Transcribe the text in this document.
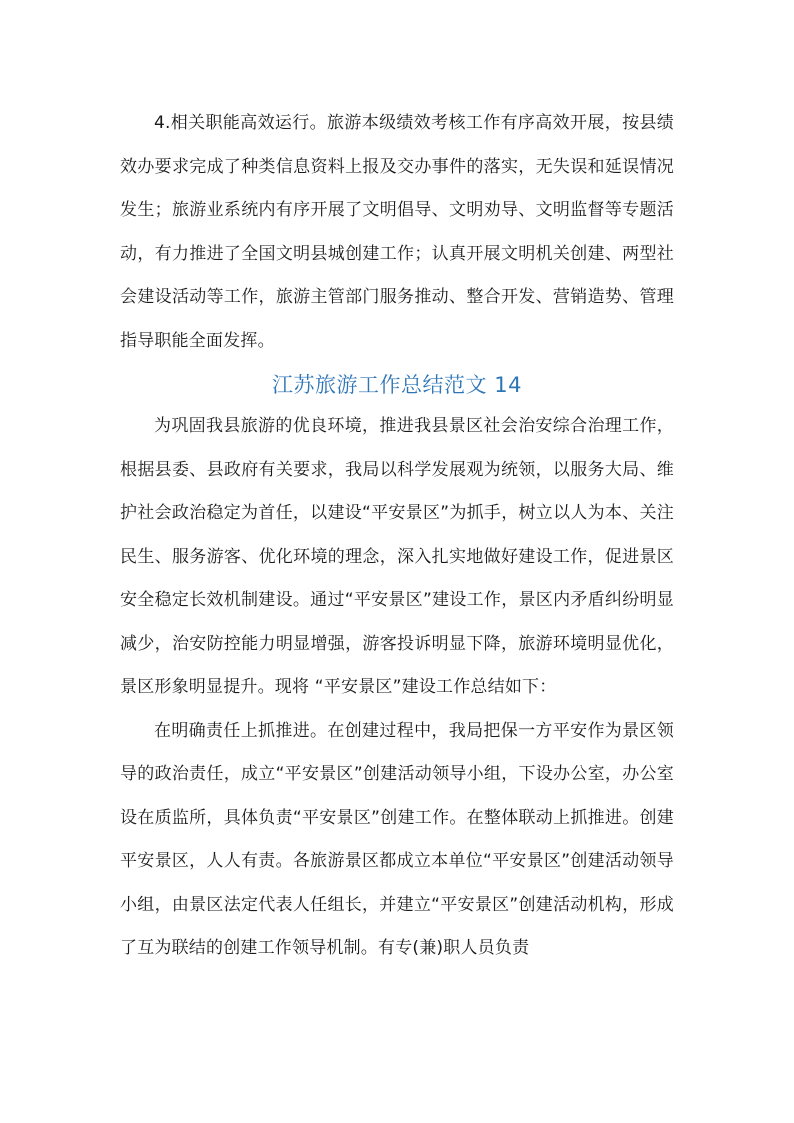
4.相关职能高效运行。旅游本级绩效考核工作有序高效开展，按县绩效办要求完成了种类信息资料上报及交办事件的落实，无失误和延误情况发生；旅游业系统内有序开展了文明倡导、文明劝导、文明监督等专题活动，有力推进了全国文明县城创建工作；认真开展文明机关创建、两型社会建设活动等工作，旅游主管部门服务推动、整合开发、营销造势、管理指导职能全面发挥。

江苏旅游工作总结范文 14

为巩固我县旅游的优良环境，推进我县景区社会治安综合治理工作，根据县委、县政府有关要求，我局以科学发展观为统领，以服务大局、维护社会政治稳定为首任，以建设“平安景区”为抓手，树立以人为本、关注民生、服务游客、优化环境的理念，深入扎实地做好建设工作，促进景区安全稳定长效机制建设。通过“平安景区”建设工作，景区内矛盾纠纷明显减少，治安防控能力明显增强，游客投诉明显下降，旅游环境明显优化，景区形象明显提升。现将 “平安景区”建设工作总结如下：

在明确责任上抓推进。在创建过程中，我局把保一方平安作为景区领导的政治责任，成立“平安景区”创建活动领导小组，下设办公室，办公室设在质监所，具体负责“平安景区”创建工作。在整体联动上抓推进。创建平安景区，人人有责。各旅游景区都成立本单位“平安景区”创建活动领导小组，由景区法定代表人任组长，并建立“平安景区”创建活动机构，形成了互为联结的创建工作领导机制。有专(兼)职人员负责
